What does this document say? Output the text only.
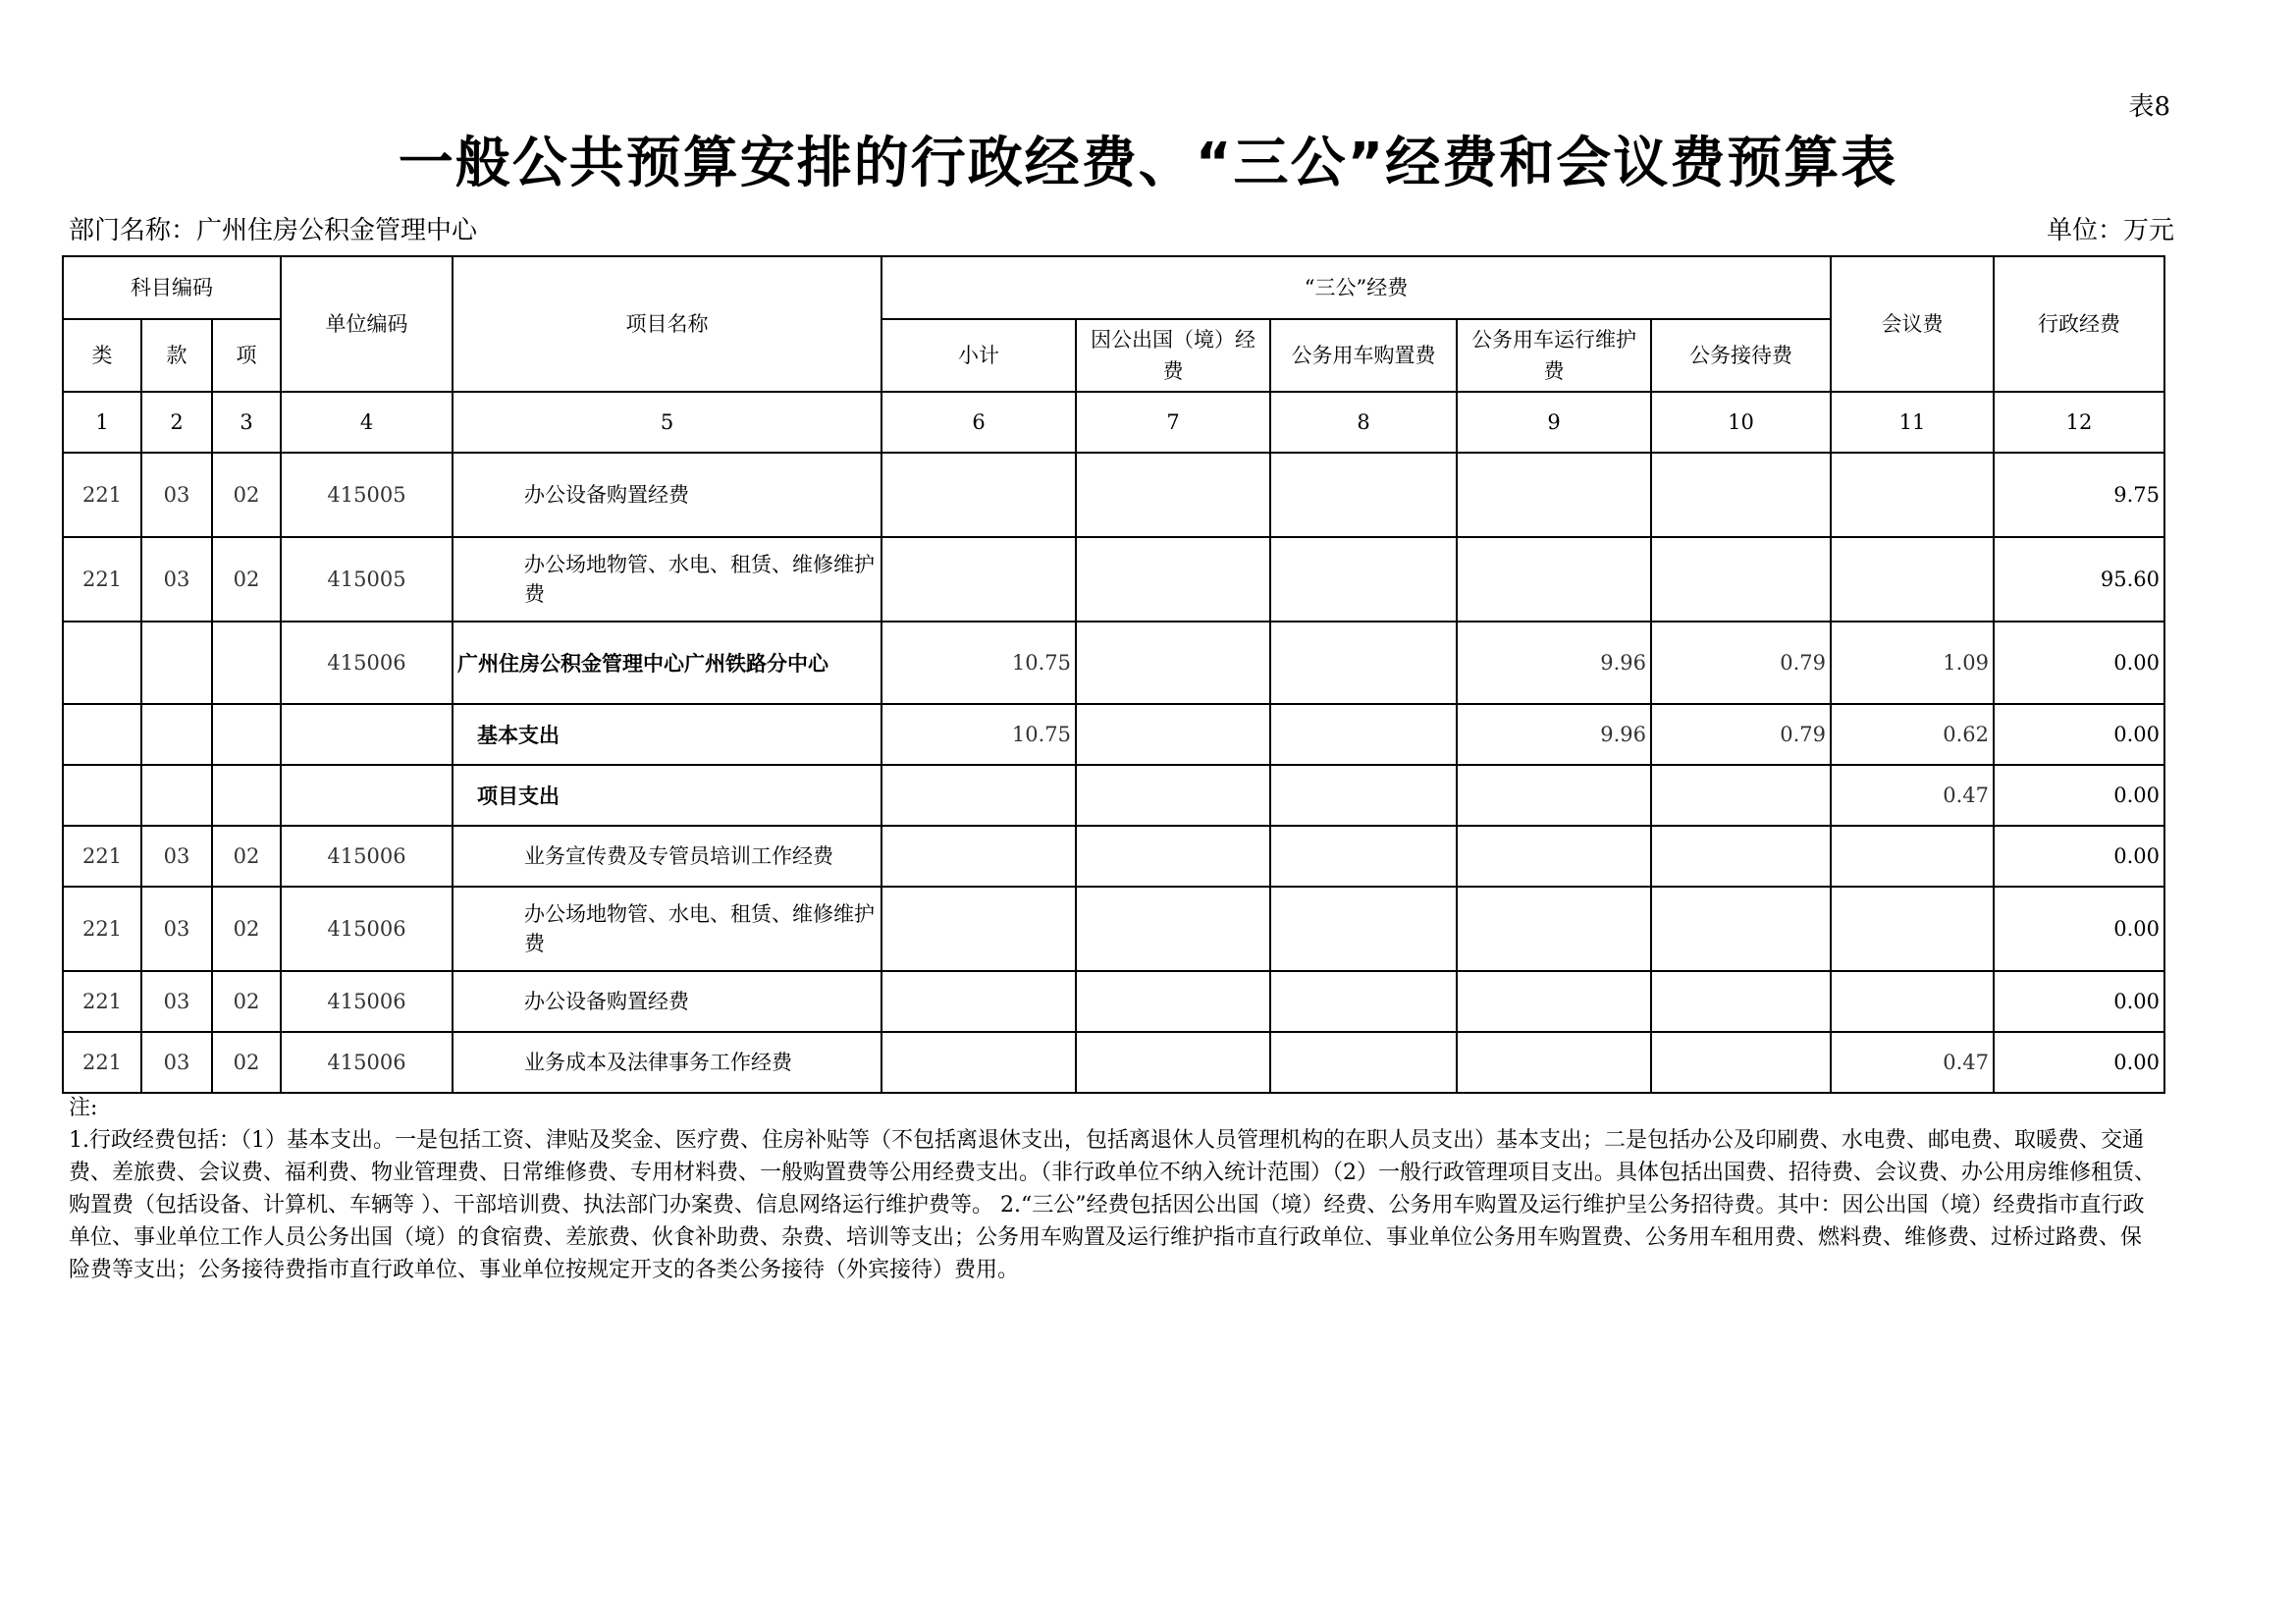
表8
一般公共预算安排的行政经费、“三公”经费和会议费预算表
部门名称：广州住房公积金管理中心	单位：万元
科目编码			单位编码	项目名称	“三公”经费					会议费	行政经费
类	款	项			小计	因公出国（境）经费	公务用车购置费	公务用车运行维护费	公务接待费		
1	2	3	4	5	6	7	8	9	10	11	12
221	03	02	415005	办公设备购置经费							9.75
221	03	02	415005	办公场地物管、水电、租赁、维修维护费							95.60
			415006	广州住房公积金管理中心广州铁路分中心	10.75			9.96	0.79	1.09	0.00
				基本支出	10.75			9.96	0.79	0.62	0.00
				项目支出						0.47	0.00
221	03	02	415006	业务宣传费及专管员培训工作经费							0.00
221	03	02	415006	办公场地物管、水电、租赁、维修维护费							0.00
221	03	02	415006	办公设备购置经费							0.00
221	03	02	415006	业务成本及法律事务工作经费						0.47	0.00

注:

1.行政经费包括：（1）基本支出。一是包括工资、津贴及奖金、医疗费、住房补贴等（不包括离退休支出，包括离退休人员管理机构的在职人员支出）基本支出；二是包括办公及印刷费、水电费、邮电费、取暖费、交通费、差旅费、会议费、福利费、物业管理费、日常维修费、专用材料费、一般购置费等公用经费支出。（非行政单位不纳入统计范围）（2）一般行政管理项目支出。具体包括出国费、招待费、会议费、办公用房维修租赁、购置费（包括设备、计算机、车辆等 ）、干部培训费、执法部门办案费、信息网络运行维护费等。 2.“三公”经费包括因公出国（境）经费、公务用车购置及运行维护呈公务招待费。其中：因公出国（境）经费指市直行政单位、事业单位工作人员公务出国（境）的食宿费、差旅费、伙食补助费、杂费、培训等支出；公务用车购置及运行维护指市直行政单位、事业单位公务用车购置费、公务用车租用费、燃料费、维修费、过桥过路费、保险费等支出；公务接待费指市直行政单位、事业单位按规定开支的各类公务接待（外宾接待）费用。
